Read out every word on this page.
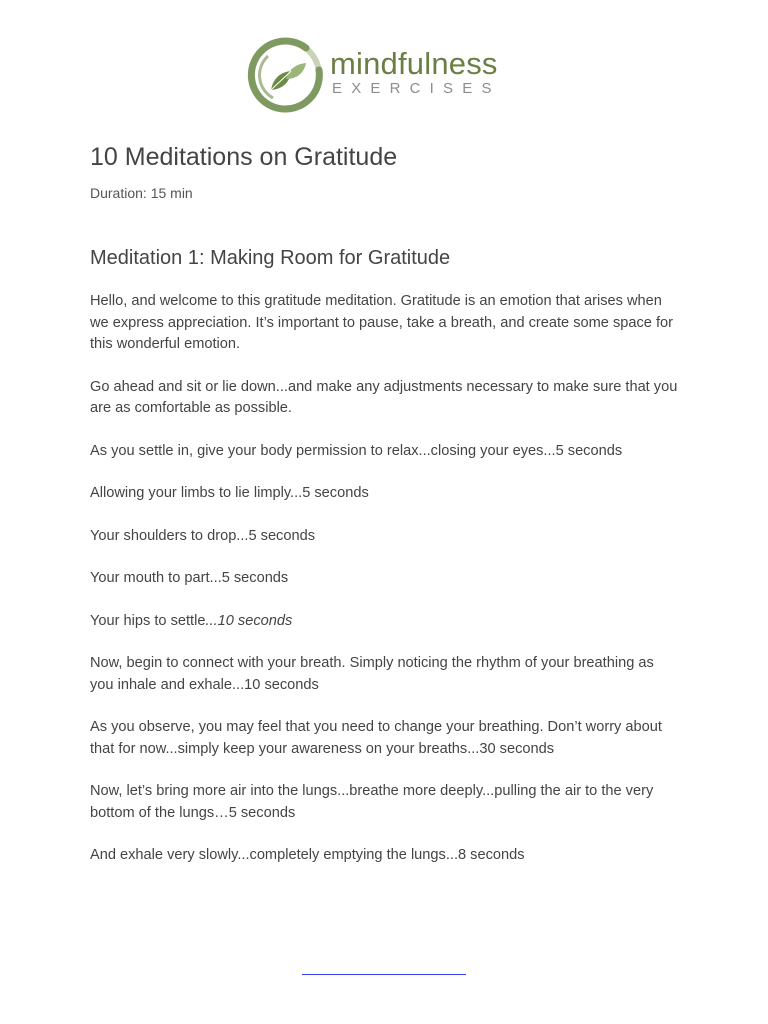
mindfulness
EXERCISES
10 Meditations on Gratitude

Duration: 15 min

Meditation 1: Making Room for Gratitude

Hello, and welcome to this gratitude meditation. Gratitude is an emotion that arises when we express appreciation. It’s important to pause, take a breath, and create some space for this wonderful emotion.

Go ahead and sit or lie down...and make any adjustments necessary to make sure that you are as comfortable as possible.

As you settle in, give your body permission to relax...closing your eyes...5 seconds

Allowing your limbs to lie limply...5 seconds

Your shoulders to drop...5 seconds

Your mouth to part...5 seconds

Your hips to settle...10 seconds

Now, begin to connect with your breath. Simply noticing the rhythm of your breathing as you inhale and exhale...10 seconds

As you observe, you may feel that you need to change your breathing. Don’t worry about that for now...simply keep your awareness on your breaths...30 seconds

Now, let’s bring more air into the lungs...breathe more deeply...pulling the air to the very bottom of the lungs…5 seconds

And exhale very slowly...completely emptying the lungs...8 seconds
